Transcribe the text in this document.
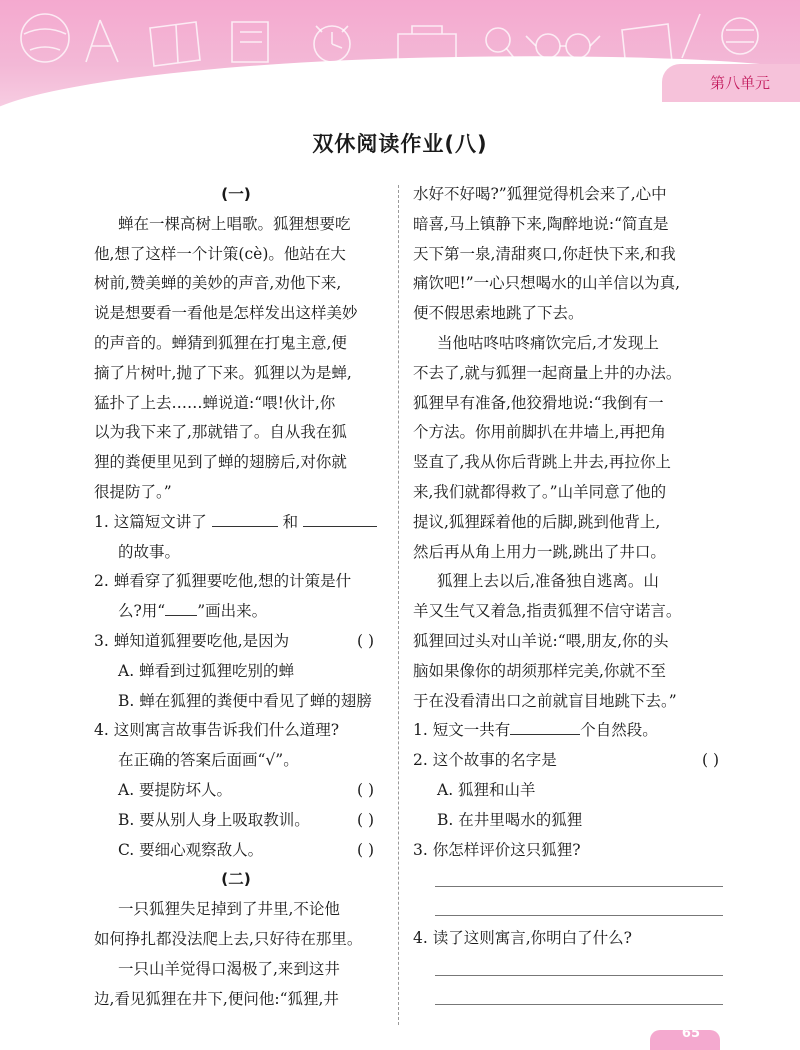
第八单元
双休阅读作业(八)
(一)
蝉在一棵高树上唱歌。狐狸想要吃
他,想了这样一个计策(cè)。他站在大
树前,赞美蝉的美妙的声音,劝他下来,
说是想要看一看他是怎样发出这样美妙
的声音的。蝉猜到狐狸在打鬼主意,便
摘了片树叶,抛了下来。狐狸以为是蝉,
猛扑了上去……蝉说道:“喂!伙计,你
以为我下来了,那就错了。自从我在狐
狸的粪便里见到了蝉的翅膀后,对你就
很提防了。”
1. 这篇短文讲了	和
的故事。
2. 蝉看穿了狐狸要吃他,想的计策是什
么?用“ ”画出来。
3. 蝉知道狐狸要吃他,是因为	( )
A. 蝉看到过狐狸吃别的蝉
B. 蝉在狐狸的粪便中看见了蝉的翅膀
4. 这则寓言故事告诉我们什么道理?
在正确的答案后面画“√”。
A. 要提防坏人。	( )
B. 要从别人身上吸取教训。	( )
C. 要细心观察敌人。	( )
(二)
一只狐狸失足掉到了井里,不论他
如何挣扎都没法爬上去,只好待在那里。
一只山羊觉得口渴极了,来到这井
边,看见狐狸在井下,便问他:“狐狸,井
水好不好喝?”狐狸觉得机会来了,心中
暗喜,马上镇静下来,陶醉地说:“简直是
天下第一泉,清甜爽口,你赶快下来,和我
痛饮吧!”一心只想喝水的山羊信以为真,
便不假思索地跳了下去。
当他咕咚咕咚痛饮完后,才发现上
不去了,就与狐狸一起商量上井的办法。
狐狸早有准备,他狡猾地说:“我倒有一
个方法。你用前脚扒在井墙上,再把角
竖直了,我从你后背跳上井去,再拉你上
来,我们就都得救了。”山羊同意了他的
提议,狐狸踩着他的后脚,跳到他背上,
然后再从角上用力一跳,跳出了井口。
狐狸上去以后,准备独自逃离。山
羊又生气又着急,指责狐狸不信守诺言。
狐狸回过头对山羊说:“喂,朋友,你的头
脑如果像你的胡须那样完美,你就不至
于在没看清出口之前就盲目地跳下去。”
1. 短文一共有	个自然段。
2. 这个故事的名字是	( )
A. 狐狸和山羊
B. 在井里喝水的狐狸
3. 你怎样评价这只狐狸?
4. 读了这则寓言,你明白了什么?
65
